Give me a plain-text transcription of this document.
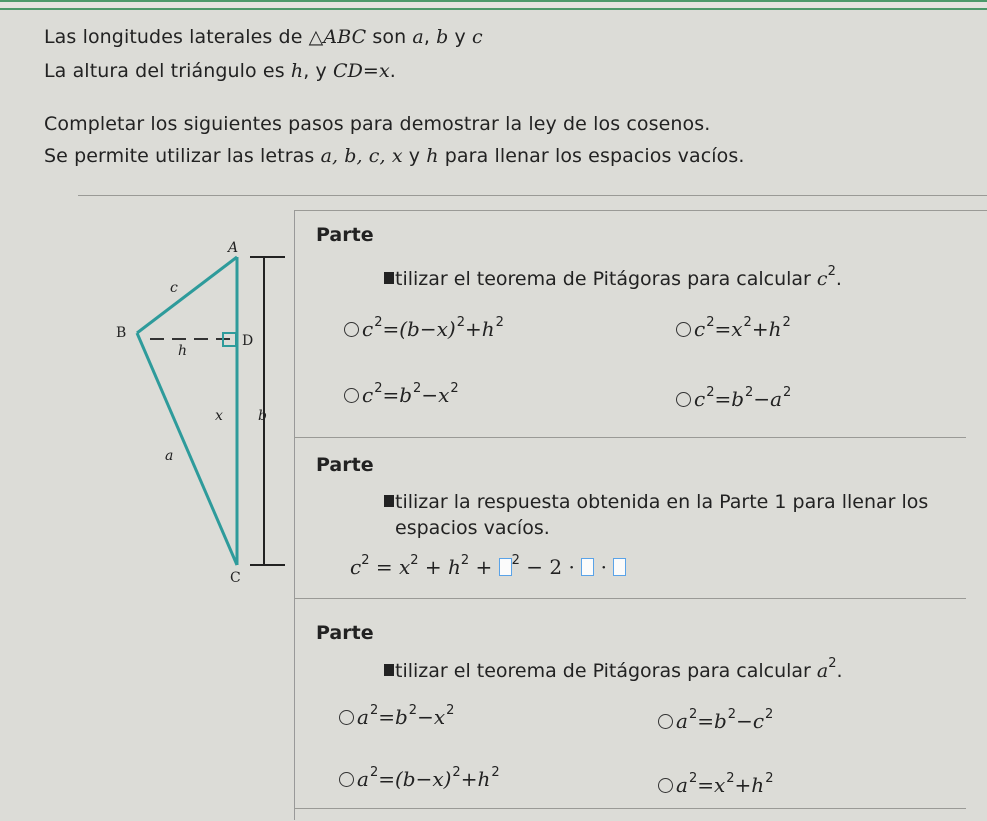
Las longitudes laterales de △ABC son a, b y c
La altura del triángulo es h, y CD=x.
Completar los siguientes pasos para demostrar la ley de los cosenos.
Se permite utilizar las letras a, b, c, x y h para llenar los espacios vacíos.
A
B	D
C
c
h
x	b
a
Parte
tilizar el teorema de Pitágoras para calcular $c^2$.
$c^2=(b-x)^2+h^2$	$c^2=x^2+h^2$
$c^2=b^2-x^2$	$c^2=b^2-a^2$
Parte
tilizar la respuesta obtenida en la Parte 1 para llenar los
espacios vacíos.
$c^2 = x^2 + h^2 + ^2 - 2$ ·  ·
Parte
tilizar el teorema de Pitágoras para calcular $a^2$.
$a^2=b^2-x^2$	$a^2=b^2-c^2$
$a^2=(b-x)^2+h^2$
$a^2=x^2+h^2$
